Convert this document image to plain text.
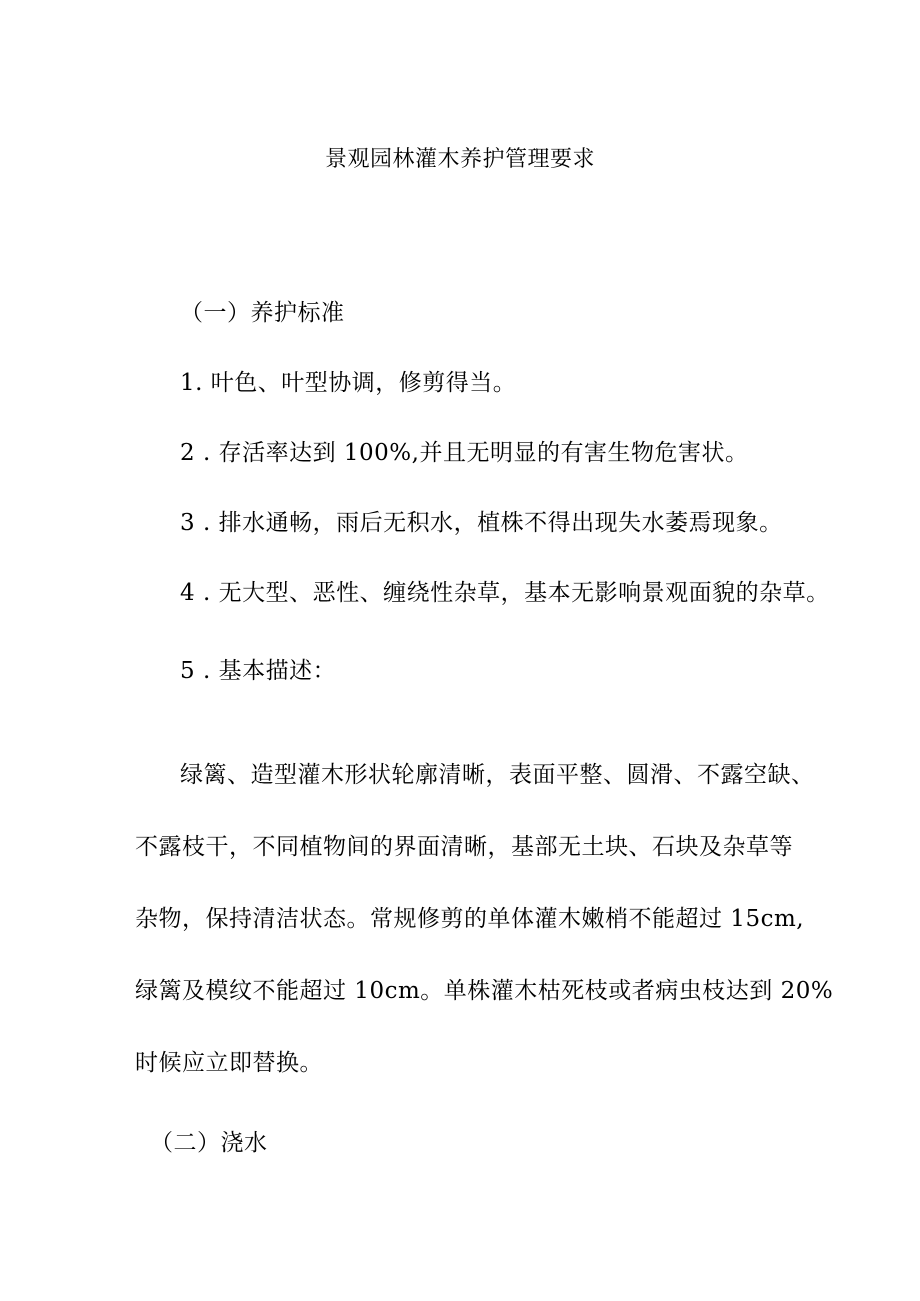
景观园林灌木养护管理要求
（一）养护标准
1. 叶色、叶型协调，修剪得当。
2 . 存活率达到 100%,并且无明显的有害生物危害状。
3 . 排水通畅，雨后无积水，植株不得出现失水萎焉现象。
4 . 无大型、恶性、缠绕性杂草，基本无影响景观面貌的杂草。
5 . 基本描述：
绿篱、造型灌木形状轮廓清晰，表面平整、圆滑、不露空缺、
不露枝干，不同植物间的界面清晰，基部无土块、石块及杂草等
杂物，保持清洁状态。常规修剪的单体灌木嫩梢不能超过 15cm,
绿篱及模纹不能超过 10cm。单株灌木枯死枝或者病虫枝达到 20%
时候应立即替换。
（二）浇水
